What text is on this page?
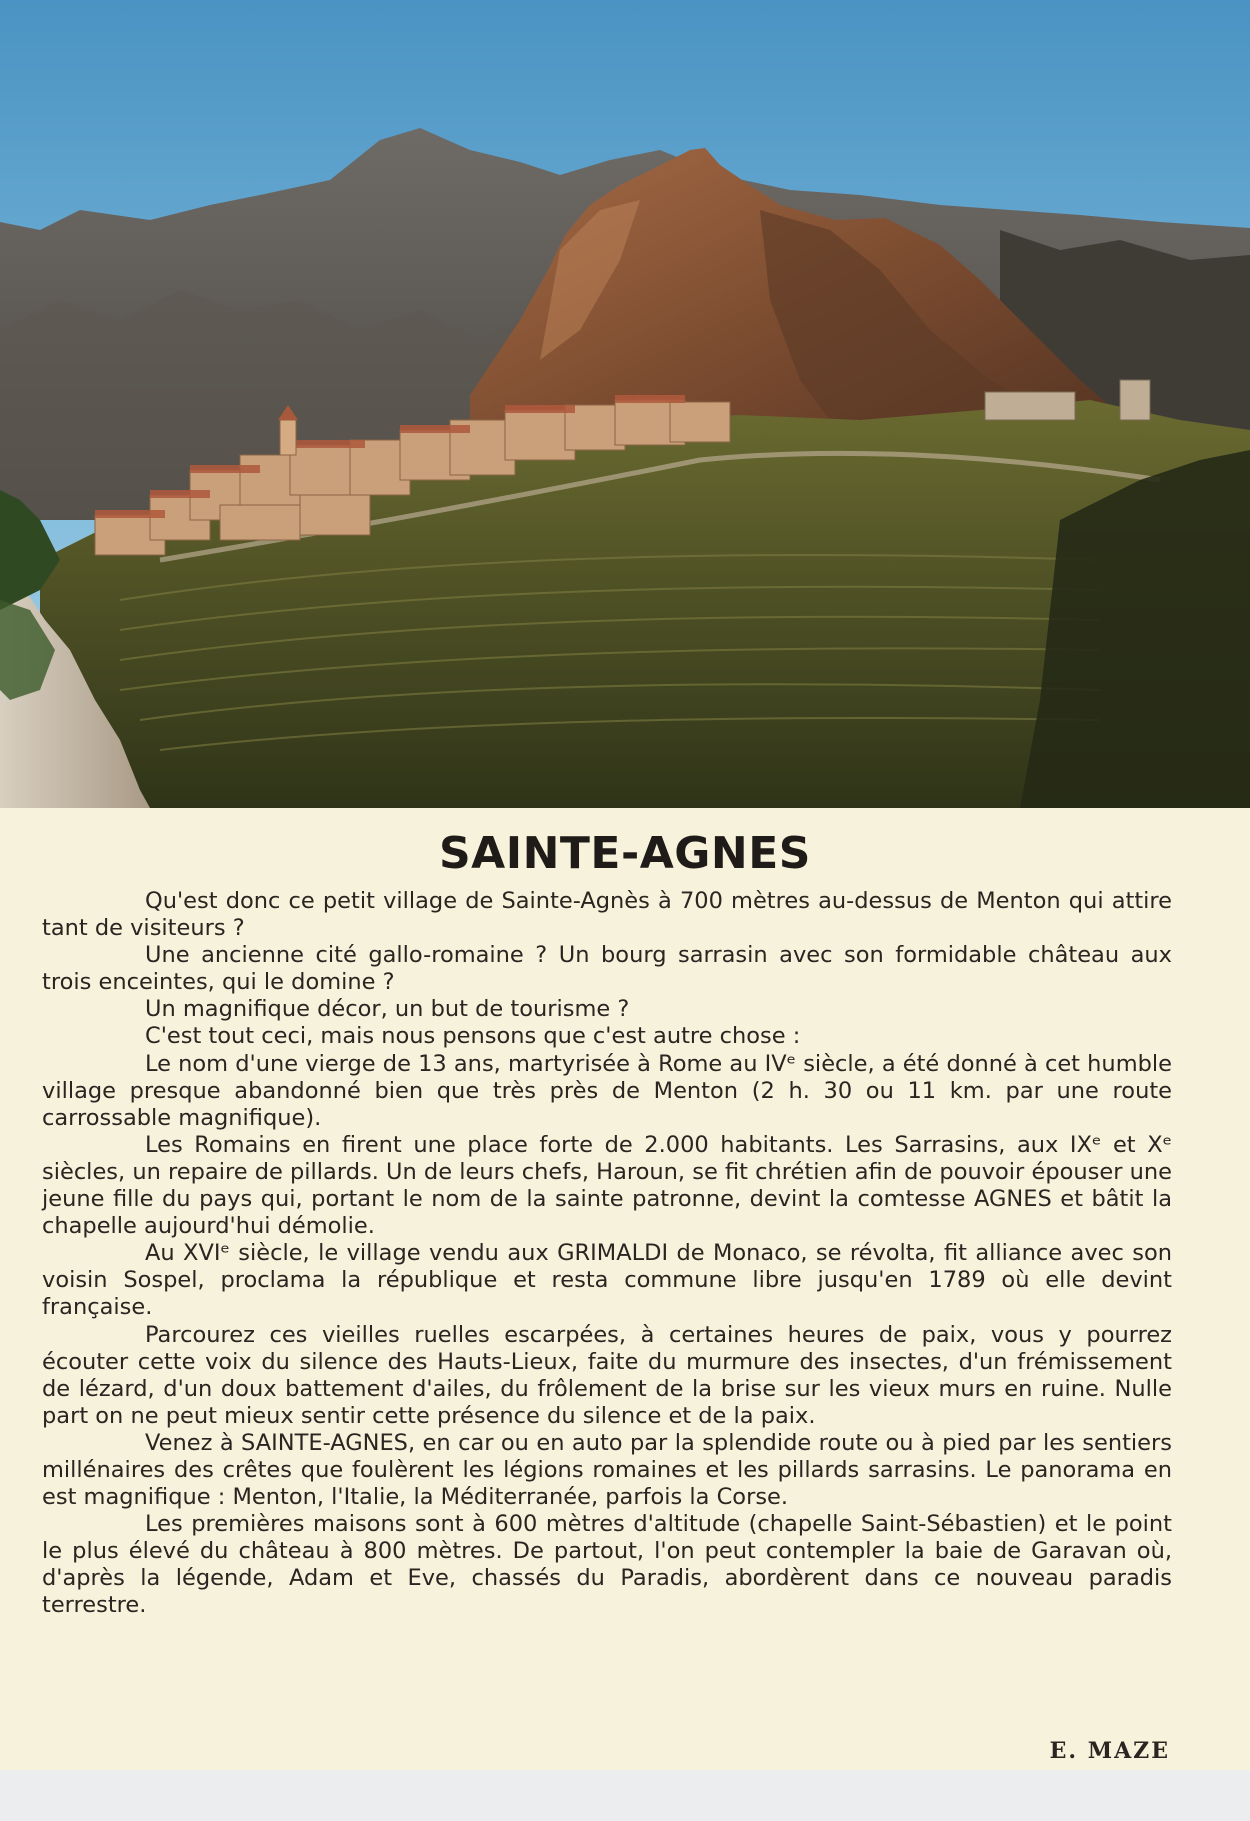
SAINTE-AGNES

Qu'est donc ce petit village de Sainte-Agnès à 700 mètres au-dessus de Menton qui attire tant de visiteurs ?

Une ancienne cité gallo-romaine ? Un bourg sarrasin avec son formidable château aux trois enceintes, qui le domine ?

Un magnifique décor, un but de tourisme ?

C'est tout ceci, mais nous pensons que c'est autre chose :

Le nom d'une vierge de 13 ans, martyrisée à Rome au IVᵉ siècle, a été donné à cet humble village presque abandonné bien que très près de Menton (2 h. 30 ou 11 km. par une route carrossable magnifique).

Les Romains en firent une place forte de 2.000 habitants. Les Sarrasins, aux IXᵉ et Xᵉ siècles, un repaire de pillards. Un de leurs chefs, Haroun, se fit chrétien afin de pouvoir épouser une jeune fille du pays qui, portant le nom de la sainte patronne, devint la comtesse AGNES et bâtit la chapelle aujourd'hui démolie.

Au XVIᵉ siècle, le village vendu aux GRIMALDI de Monaco, se révolta, fit alliance avec son voisin Sospel, proclama la république et resta commune libre jusqu'en 1789 où elle devint française.

Parcourez ces vieilles ruelles escarpées, à certaines heures de paix, vous y pourrez écouter cette voix du silence des Hauts-Lieux, faite du murmure des insectes, d'un frémissement de lézard, d'un doux battement d'ailes, du frôlement de la brise sur les vieux murs en ruine. Nulle part on ne peut mieux sentir cette présence du silence et de la paix.

Venez à SAINTE-AGNES, en car ou en auto par la splendide route ou à pied par les sentiers millénaires des crêtes que foulèrent les légions romaines et les pillards sarrasins. Le panorama en est magnifique : Menton, l'Italie, la Méditerranée, parfois la Corse.

Les premières maisons sont à 600 mètres d'altitude (chapelle Saint-Sébastien) et le point le plus élevé du château à 800 mètres. De partout, l'on peut contempler la baie de Garavan où, d'après la légende, Adam et Eve, chassés du Paradis, abordèrent dans ce nouveau paradis terrestre.

E. MAZE
